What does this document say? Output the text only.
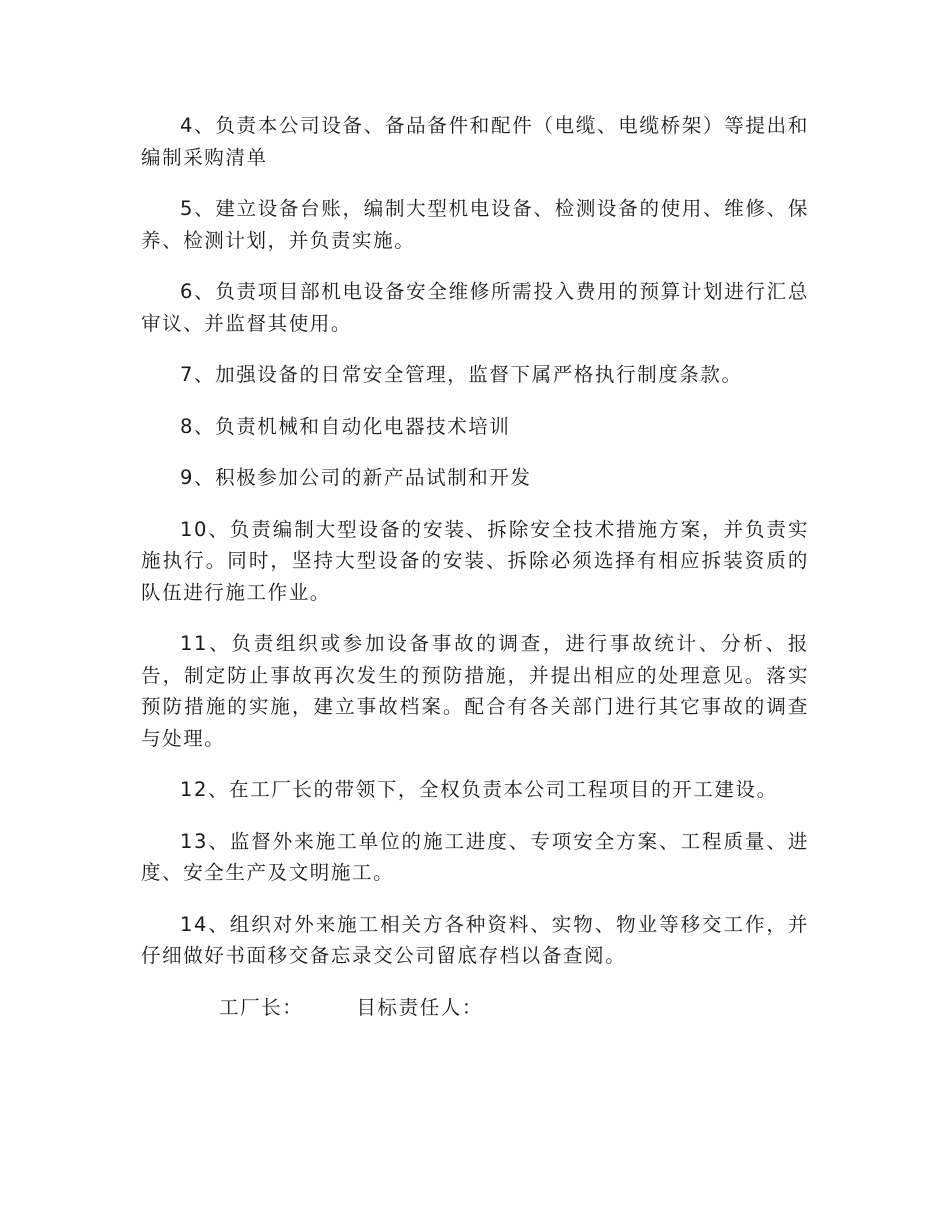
4、负责本公司设备、备品备件和配件（电缆、电缆桥架）等提出和编制采购清单

5、建立设备台账，编制大型机电设备、检测设备的使用、维修、保养、检测计划，并负责实施。

6、负责项目部机电设备安全维修所需投入费用的预算计划进行汇总审议、并监督其使用。

7、加强设备的日常安全管理，监督下属严格执行制度条款。

8、负责机械和自动化电器技术培训

9、积极参加公司的新产品试制和开发

10、负责编制大型设备的安装、拆除安全技术措施方案，并负责实施执行。同时，坚持大型设备的安装、拆除必须选择有相应拆装资质的队伍进行施工作业。

11、负责组织或参加设备事故的调查，进行事故统计、分析、报告，制定防止事故再次发生的预防措施，并提出相应的处理意见。落实预防措施的实施，建立事故档案。配合有各关部门进行其它事故的调查与处理。

12、在工厂长的带领下，全权负责本公司工程项目的开工建设。

13、监督外来施工单位的施工进度、专项安全方案、工程质量、进度、安全生产及文明施工。

14、组织对外来施工相关方各种资料、实物、物业等移交工作，并仔细做好书面移交备忘录交公司留底存档以备查阅。

工厂长：	目标责任人：
